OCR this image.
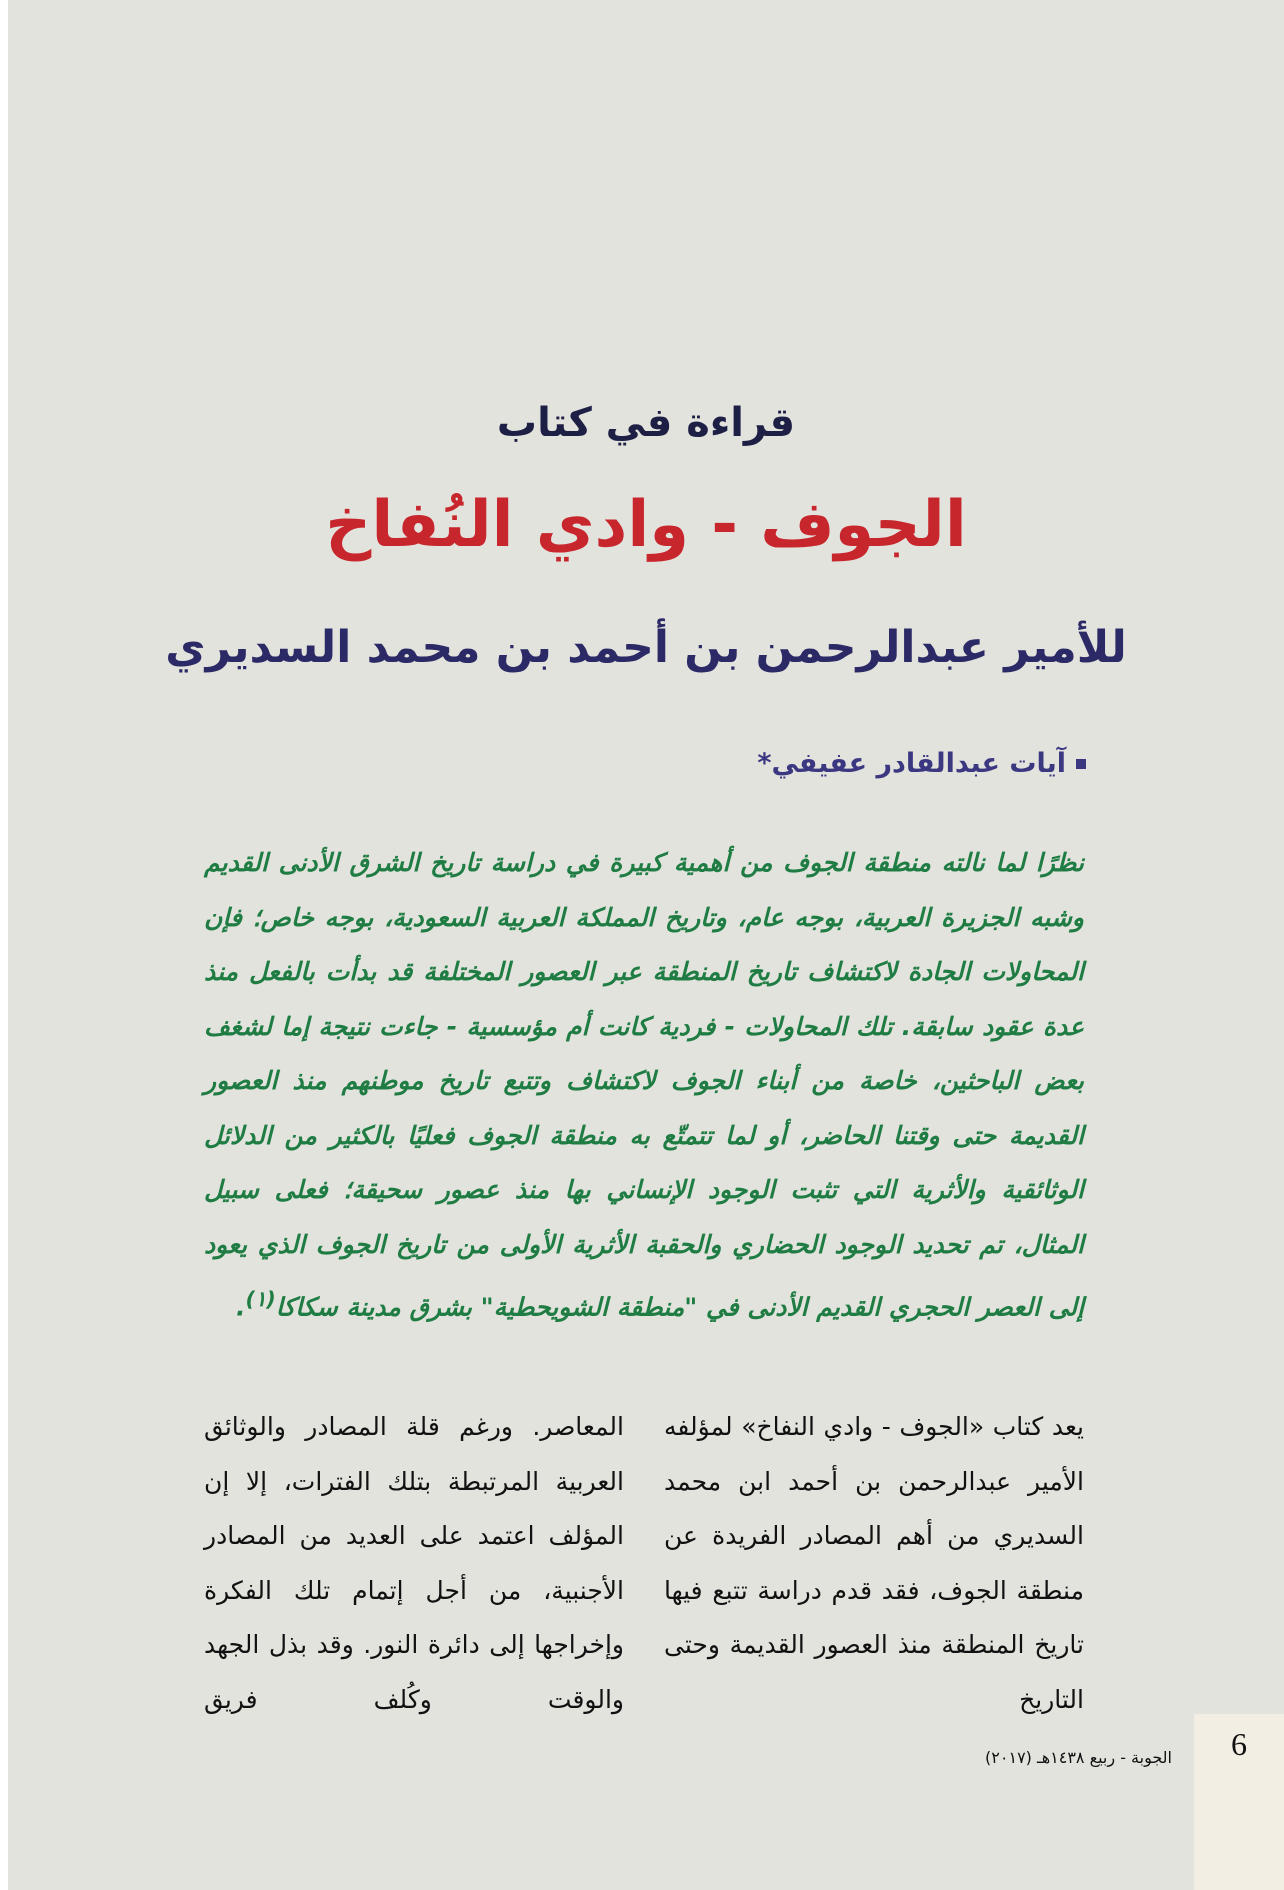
قراءة في كتاب
الجوف - وادي النُفاخ
للأمير عبدالرحمن بن أحمد بن محمد السديري
آيات عبدالقادر عفيفي*
نظرًا لما نالته منطقة الجوف من أهمية كبيرة في دراسة تاريخ الشرق الأدنى القديم وشبه الجزيرة العربية، بوجه عام، وتاريخ المملكة العربية السعودية، بوجه خاص؛ فإن المحاولات الجادة لاكتشاف تاريخ المنطقة عبر العصور المختلفة قد بدأت بالفعل منذ عدة عقود سابقة. تلك المحاولات - فردية كانت أم مؤسسية - جاءت نتيجة إما لشغف بعض الباحثين، خاصة من أبناء الجوف لاكتشاف وتتبع تاريخ موطنهم منذ العصور القديمة حتى وقتنا الحاضر، أو لما تتمتّع به منطقة الجوف فعليًا بالكثير من الدلائل الوثائقية والأثرية التي تثبت الوجود الإنساني بها منذ عصور سحيقة؛ فعلى سبيل المثال، تم تحديد الوجود الحضاري والحقبة الأثرية الأولى من تاريخ الجوف الذي يعود إلى العصر الحجري القديم الأدنى في "منطقة الشويحطية" بشرق مدينة سكاكا$^{(١)}$.
يعد كتاب «الجوف - وادي النفاخ» لمؤلفه الأمير عبدالرحمن بن أحمد ابن محمد السديري من أهم المصادر الفريدة عن منطقة الجوف، فقد قدم دراسة تتبع فيها تاريخ المنطقة منذ العصور القديمة وحتى التاريخ
المعاصر. ورغم قلة المصادر والوثائق العربية المرتبطة بتلك الفترات، إلا إن المؤلف اعتمد على العديد من المصادر الأجنبية، من أجل إتمام تلك الفكرة وإخراجها إلى دائرة النور. وقد بذل الجهد والوقت وكُلف فريق
6
الجوبة - ربيع ١٤٣٨هـ (٢٠١٧)
